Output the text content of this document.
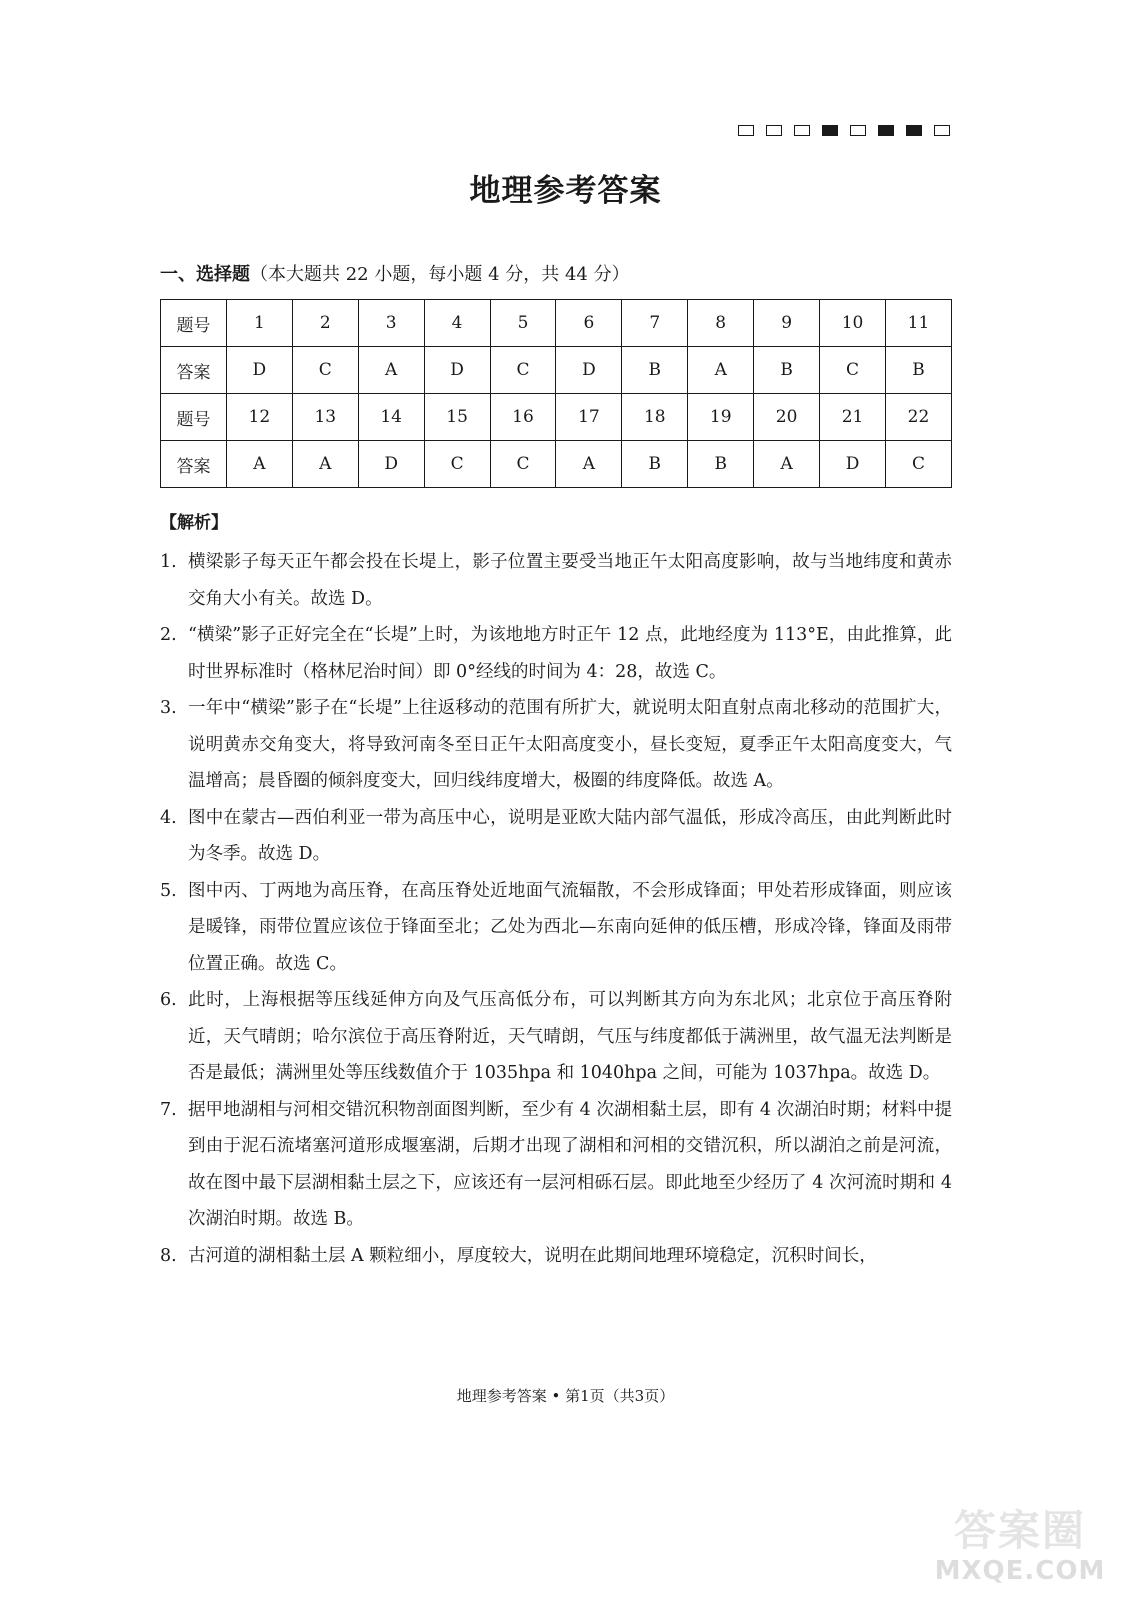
地理参考答案
一、选择题（本大题共 22 小题，每小题 4 分，共 44 分）
题号	1	2	3	4	5	6	7	8	9	10	11
答案	D	C	A	D	C	D	B	A	B	C	B
题号	12	13	14	15	16	17	18	19	20	21	22
答案	A	A	D	C	C	A	B	B	A	D	C
【解析】
1. 横梁影子每天正午都会投在长堤上，影子位置主要受当地正午太阳高度影响，故与当地纬度和黄赤交角大小有关。故选 D。
2. “横梁”影子正好完全在“长堤”上时，为该地地方时正午 12 点，此地经度为 113°E，由此推算，此时世界标准时（格林尼治时间）即 0°经线的时间为 4：28，故选 C。
3. 一年中“横梁”影子在“长堤”上往返移动的范围有所扩大，就说明太阳直射点南北移动的范围扩大，说明黄赤交角变大，将导致河南冬至日正午太阳高度变小，昼长变短，夏季正午太阳高度变大，气温增高；晨昏圈的倾斜度变大，回归线纬度增大，极圈的纬度降低。故选 A。
4. 图中在蒙古—西伯利亚一带为高压中心，说明是亚欧大陆内部气温低，形成冷高压，由此判断此时为冬季。故选 D。
5. 图中丙、丁两地为高压脊，在高压脊处近地面气流辐散，不会形成锋面；甲处若形成锋面，则应该是暖锋，雨带位置应该位于锋面至北；乙处为西北—东南向延伸的低压槽，形成冷锋，锋面及雨带位置正确。故选 C。
6. 此时，上海根据等压线延伸方向及气压高低分布，可以判断其方向为东北风；北京位于高压脊附近，天气晴朗；哈尔滨位于高压脊附近，天气晴朗，气压与纬度都低于满洲里，故气温无法判断是否是最低；满洲里处等压线数值介于 1035hpa 和 1040hpa 之间，可能为 1037hpa。故选 D。
7. 据甲地湖相与河相交错沉积物剖面图判断，至少有 4 次湖相黏土层，即有 4 次湖泊时期；材料中提到由于泥石流堵塞河道形成堰塞湖，后期才出现了湖相和河相的交错沉积，所以湖泊之前是河流，故在图中最下层湖相黏土层之下，应该还有一层河相砾石层。即此地至少经历了 4 次河流时期和 4 次湖泊时期。故选 B。
8. 古河道的湖相黏土层 A 颗粒细小，厚度较大，说明在此期间地理环境稳定，沉积时间长，
地理参考答案 • 第1页（共3页）
答案圈
MXQE.COM
